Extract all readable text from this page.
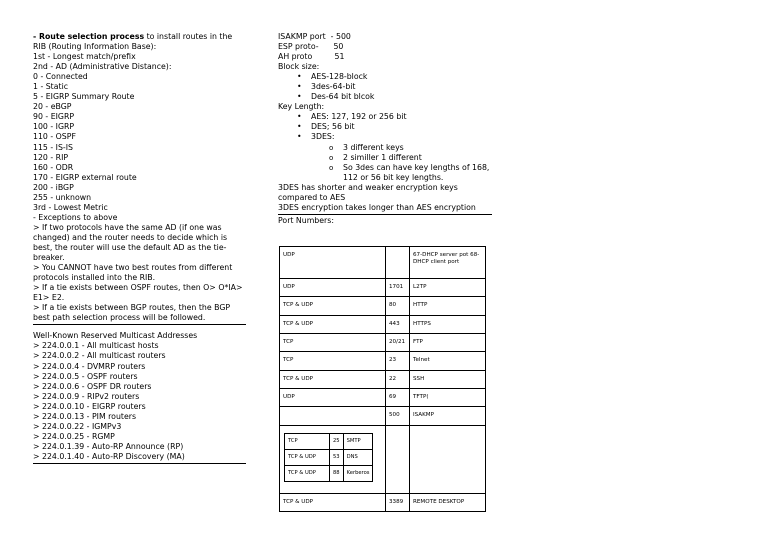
- Route selection process to install routes in the RIB (Routing Information Base):
1st - Longest match/prefix
2nd - AD (Administrative Distance):
0 - Connected
1 - Static
5 - EIGRP Summary Route
20 - eBGP
90 - EIGRP
100 - IGRP
110 - OSPF
115 - IS-IS
120 - RIP
160 - ODR
170 - EIGRP external route
200 - iBGP
255 - unknown
3rd - Lowest Metric
- Exceptions to above
> If two protocols have the same AD (if one was changed) and the router needs to decide which is best, the router will use the default AD as the tie-breaker.
> You CANNOT have two best routes from different protocols installed into the RIB.
> If a tie exists between OSPF routes, then O> O*IA> E1> E2.
> If a tie exists between BGP routes, then the BGP best path selection process will be followed.
Well-Known Reserved Multicast Addresses
> 224.0.0.1 - All multicast hosts
> 224.0.0.2 - All multicast routers
> 224.0.0.4 - DVMRP routers
> 224.0.0.5 - OSPF routers
> 224.0.0.6 - OSPF DR routers
> 224.0.0.9 - RIPv2 routers
> 224.0.0.10 - EIGRP routers
> 224.0.0.13 - PIM routers
> 224.0.0.22 - IGMPv3
> 224.0.0.25 - RGMP
> 224.0.1.39 - Auto-RP Announce (RP)
> 224.0.1.40 - Auto-RP Discovery (MA)
ISAKMP port  - 500
ESP proto-      50
AH proto         51
Block size:
• AES-128-block
• 3des-64-bit
• Des-64 bit blcok
Key Length:
• AES: 127, 192 or 256 bit
• DES; 56 bit
• 3DES:
o 3 different keys
o 2 similler 1 different
o So 3des can have key lengths of 168, 112 or 56 bit key lengths.
3DES has shorter and weaker encryption keys compared to AES
3DES encryption takes longer than AES encryption
Port Numbers:
UDP		67-DHCP server pot 68-DHCP client port
UDP	1701	L2TP
TCP & UDP	80	HTTP
TCP & UDP	443	HTTPS
TCP	20/21	FTP
TCP	23	Telnet
TCP & UDP	22	SSH
UDP	69	TFTP(
	500	ISAKMP

TCP	25	SMTP
TCP & UDP	53	DNS
TCP & UDP	88	Kerberos

TCP & UDP	3389	REMOTE DESKTOP
